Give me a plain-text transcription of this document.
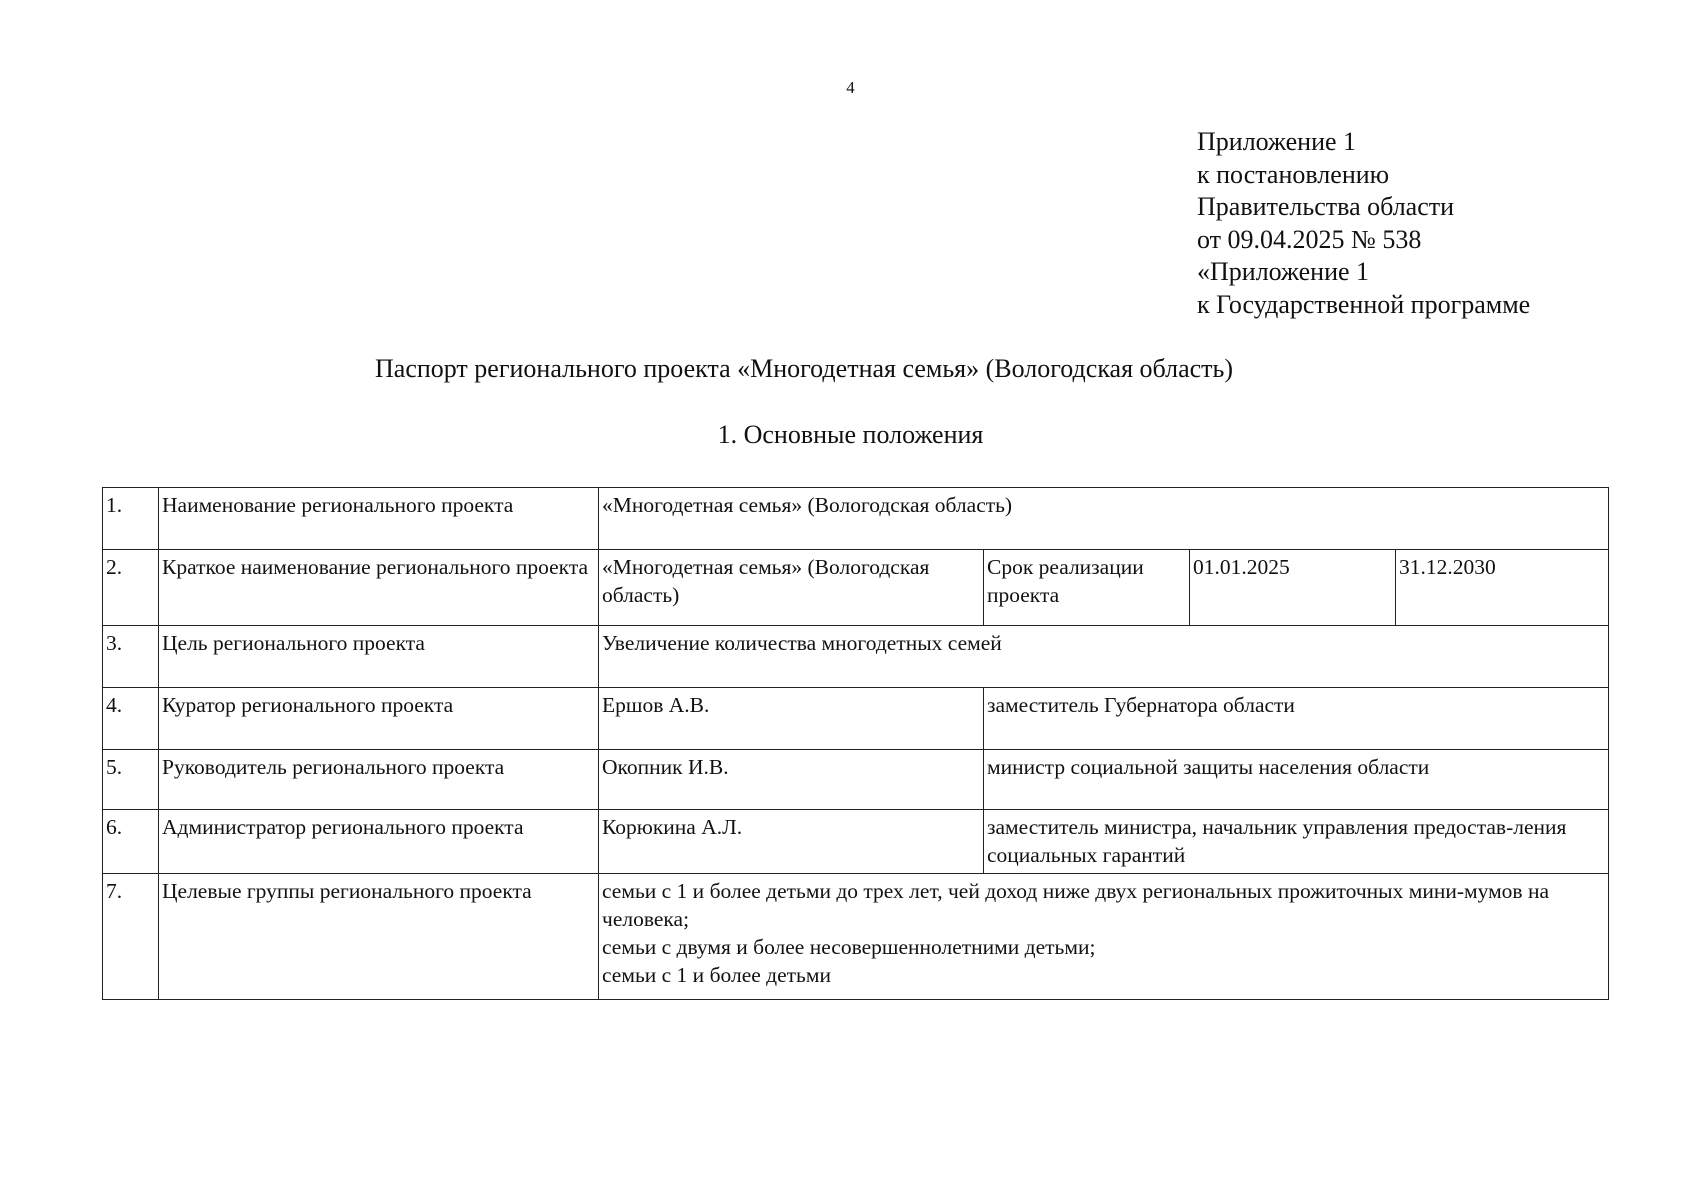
4
Приложение 1
к постановлению
Правительства области
от 09.04.2025 № 538
«Приложение 1
к Государственной программе
Паспорт регионального проекта «Многодетная семья» (Вологодская область)
1. Основные положения
1.	Наименование регионального проекта	«Многодетная семья» (Вологодская область)			
2.	Краткое наименование регионального проекта	«Многодетная семья» (Вологодская область)	Срок реализации проекта	01.01.2025	31.12.2030
3.	Цель регионального проекта	Увеличение количества многодетных семей			
4.	Куратор регионального проекта	Ершов А.В.	заместитель Губернатора области		
5.	Руководитель регионального проекта	Окопник И.В.	министр социальной защиты населения области		
6.	Администратор регионального проекта	Корюкина А.Л.	заместитель министра, начальник управления предостав-ления социальных гарантий		
7.	Целевые группы регионального проекта	семьи с 1 и более детьми до трех лет, чей доход ниже двух региональных прожиточных мини-мумов на человека;
семьи с двумя и более несовершеннолетними детьми;
семьи с 1 и более детьми			
